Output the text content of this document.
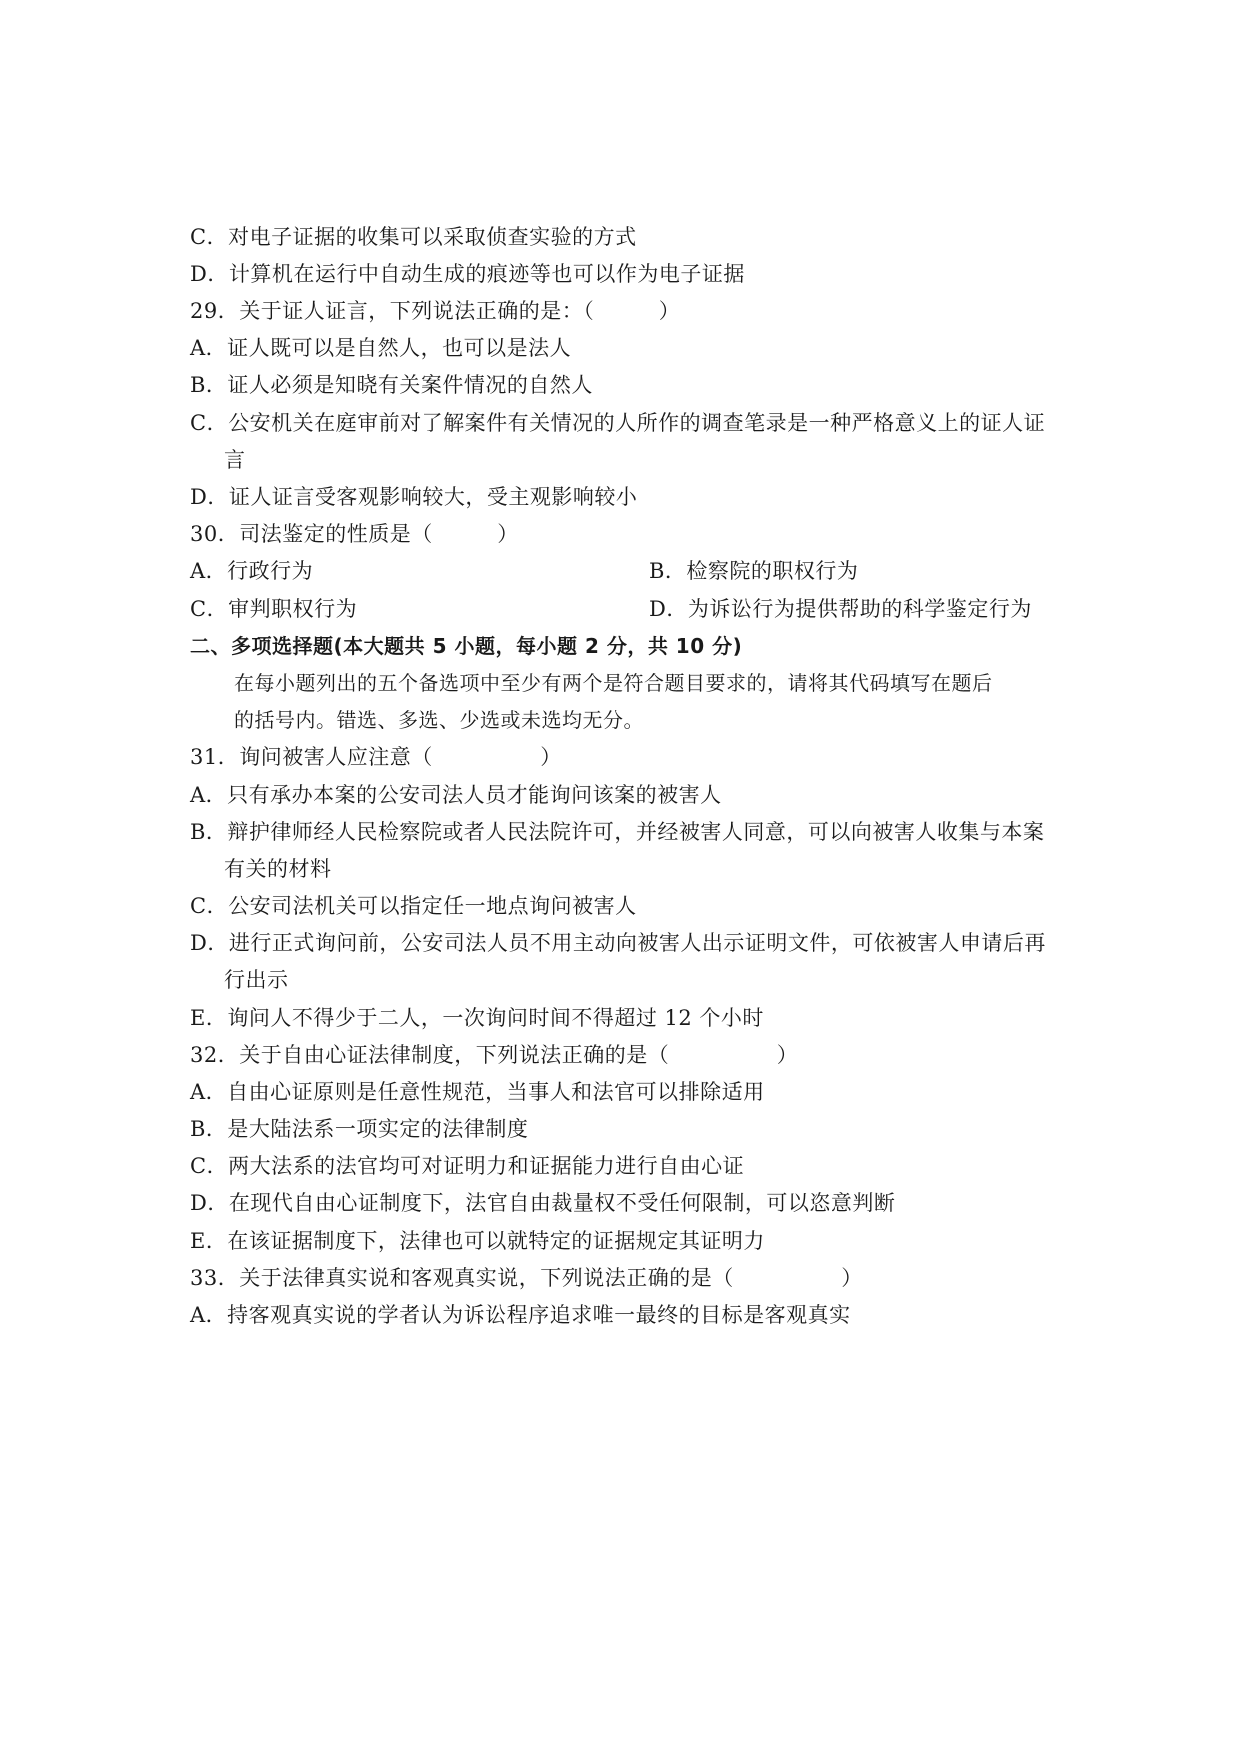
C．对电子证据的收集可以采取侦查实验的方式
D．计算机在运行中自动生成的痕迹等也可以作为电子证据
29．关于证人证言，下列说法正确的是：（　　　）
A．证人既可以是自然人，也可以是法人
B．证人必须是知晓有关案件情况的自然人
C．公安机关在庭审前对了解案件有关情况的人所作的调查笔录是一种严格意义上的证人证
言
D．证人证言受客观影响较大，受主观影响较小
30．司法鉴定的性质是（　　　）
A．行政行为	B．检察院的职权行为
C．审判职权行为	D．为诉讼行为提供帮助的科学鉴定行为
二、多项选择题(本大题共 5 小题，每小题 2 分，共 10 分)
在每小题列出的五个备选项中至少有两个是符合题目要求的，请将其代码填写在题后
的括号内。错选、多选、少选或未选均无分。
31．询问被害人应注意（　　　　　）
A．只有承办本案的公安司法人员才能询问该案的被害人
B．辩护律师经人民检察院或者人民法院许可，并经被害人同意，可以向被害人收集与本案
有关的材料
C．公安司法机关可以指定任一地点询问被害人
D．进行正式询问前，公安司法人员不用主动向被害人出示证明文件，可依被害人申请后再
行出示
E．询问人不得少于二人，一次询问时间不得超过 12 个小时
32．关于自由心证法律制度，下列说法正确的是（　　　　　）
A．自由心证原则是任意性规范，当事人和法官可以排除适用
B．是大陆法系一项实定的法律制度
C．两大法系的法官均可对证明力和证据能力进行自由心证
D．在现代自由心证制度下，法官自由裁量权不受任何限制，可以恣意判断
E．在该证据制度下，法律也可以就特定的证据规定其证明力
33．关于法律真实说和客观真实说，下列说法正确的是（　　　　　）
A．持客观真实说的学者认为诉讼程序追求唯一最终的目标是客观真实
